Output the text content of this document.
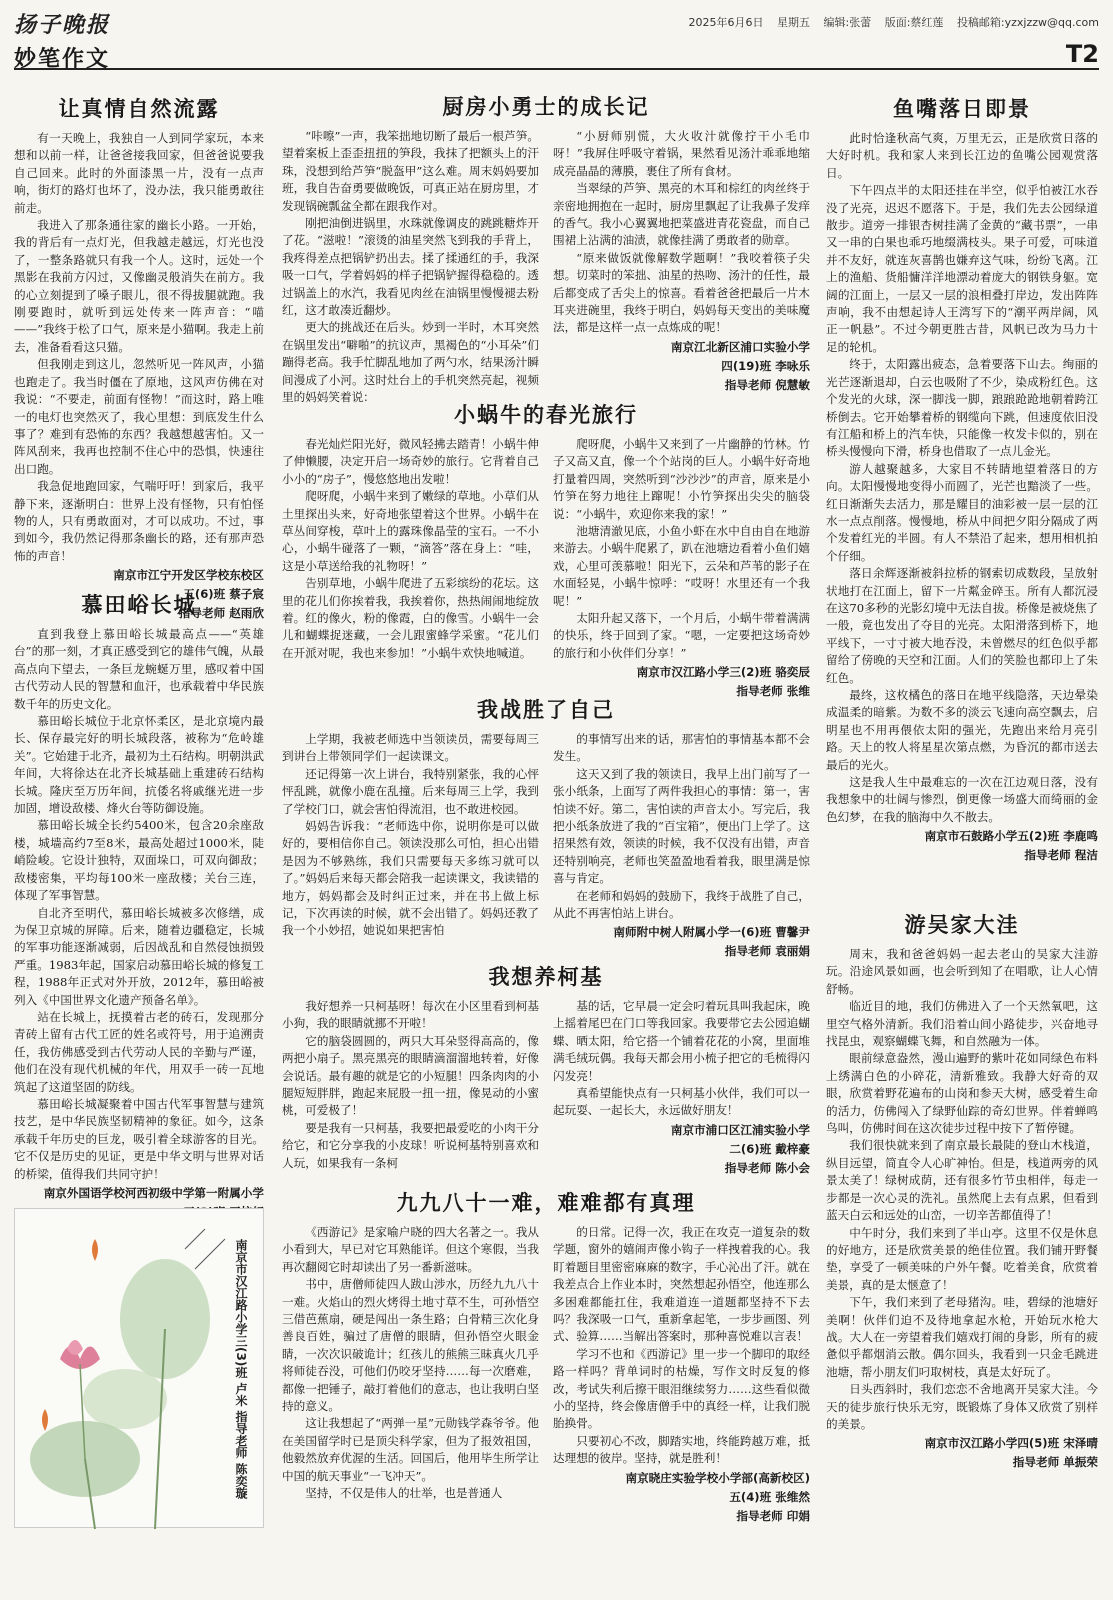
扬子晚报	2025年6月6日 星期五 编辑:张蕾 版面:蔡红莲 投稿邮箱:yzxjzzw@qq.com
妙笔作文	T2
让真情自然流露

有一天晚上，我独自一人到同学家玩，本来想和以前一样，让爸爸接我回家，但爸爸说要我自己回来。此时的外面漆黑一片，没有一点声响，街灯的路灯也坏了，没办法，我只能勇敢往前走。

我进入了那条通往家的幽长小路。一开始，我的背后有一点灯光，但我越走越远，灯光也没了，一整条路就只有我一个人。这时，远处一个黑影在我前方闪过，又像幽灵般消失在前方。我的心立刻提到了嗓子眼儿，很不得拔腿就跑。我刚要跑时，就听到远处传来一阵声音：“喵——”我终于松了口气，原来是小猫啊。我走上前去，准备看看这只猫。

但我刚走到这儿，忽然听见一阵风声，小猫也跑走了。我当时僵在了原地，这风声仿佛在对我说：“不要走，前面有怪物！”而这时，路上唯一的电灯也突然灭了，我心里想：到底发生什么事了？难到有恐怖的东西？我越想越害怕。又一阵风刮来，我再也控制不住心中的恐惧，快速往出口跑。

我急促地跑回家，气喘吁吁！到家后，我平静下来，逐渐明白：世界上没有怪物，只有怕怪物的人，只有勇敢面对，才可以成功。不过，事到如今，我仍然记得那条幽长的路，还有那声恐怖的声音！

南京市江宁开发区学校东校区
五(6)班 蔡子宸
指导老师 赵雨欣
慕田峪长城

直到我登上慕田峪长城最高点——“英雄台”的那一刻，才真正感受到它的雄伟气魄，从最高点向下望去，一条巨龙蜿蜒万里，感叹着中国古代劳动人民的智慧和血汗，也承载着中华民族数千年的历史文化。

慕田峪长城位于北京怀柔区，是北京境内最长、保存最完好的明长城段落，被称为“危岭雄关”。它始建于北齐，最初为土石结构。明朝洪武年间，大将徐达在北齐长城基础上重建砖石结构长城。隆庆至万历年间，抗倭名将戚继光进一步加固，增设敌楼、烽火台等防御设施。

慕田峪长城全长约5400米，包含20余座敌楼，城墙高约7至8米，最高处超过1000米，陡峭险峻。它设计独特，双面垛口，可双向御敌；敌楼密集，平均每100米一座敌楼；关台三连，体现了军事智慧。

自北齐至明代，慕田峪长城被多次修缮，成为保卫京城的屏障。后来，随着边疆稳定，长城的军事功能逐渐减弱，后因战乱和自然侵蚀损毁严重。1983年起，国家启动慕田峪长城的修复工程，1988年正式对外开放，2012年，慕田峪被列入《中国世界文化遗产预备名单》。

站在长城上，抚摸着古老的砖石，发现那分青砖上留有古代工匠的姓名或符号，用于追溯责任，我仿佛感受到古代劳动人民的辛勤与严谨，他们在没有现代机械的年代，用双手一砖一瓦地筑起了这道坚固的防线。

慕田峪长城凝聚着中国古代军事智慧与建筑技艺，是中华民族坚韧精神的象征。如今，这条承载千年历史的巨龙，吸引着全球游客的目光。它不仅是历史的见证，更是中华文明与世界对话的桥梁，值得我们共同守护！

南京外国语学校河西初级中学第一附属小学
南京市汉江路小学三(3)班 卢米 指导老师 陈奕璇
厨房小勇士的成长记

“咔嚓”一声，我笨拙地切断了最后一根芦笋。望着案板上歪歪扭扭的笋段，我抹了把额头上的汗珠，没想到给芦笋“脱盔甲”这么难。周末妈妈要加班，我自告奋勇要做晚饭，可真正站在厨房里，才发现锅碗瓢盆全都在跟我作对。

刚把油倒进锅里，水珠就像调皮的跳跳糖炸开了花。“滋啦！”滚烫的油星突然飞到我的手背上，我疼得差点把锅铲扔出去。揉了揉通红的手，我深吸一口气，学着妈妈的样子把锅铲握得稳稳的。透过锅盖上的水汽，我看见肉丝在油锅里慢慢褪去粉红，这才敢凑近翻炒。

更大的挑战还在后头。炒到一半时，木耳突然在锅里发出“噼啪”的抗议声，黑褐色的“小耳朵”们蹦得老高。我手忙脚乱地加了两勺水，结果汤汁瞬间漫成了小河。这时灶台上的手机突然亮起，视频里的妈妈笑着说：

“小厨师别慌，大火收汁就像拧干小毛巾呀！”我屏住呼吸守着锅，果然看见汤汁乖乖地缩成亮晶晶的薄膜，裹住了所有食材。

当翠绿的芦笋、黑亮的木耳和棕红的肉丝终于亲密地拥抱在一起时，厨房里飘起了让我鼻子发痒的香气。我小心翼翼地把菜盛进青花瓷盘，而自己围裙上沾满的油渍，就像挂满了勇敢者的勋章。

“原来做饭就像解数学题啊！”我咬着筷子尖想。切菜时的笨拙、油星的热吻、汤汁的任性，最后都变成了舌尖上的惊喜。看着爸爸把最后一片木耳夹进碗里，我终于明白，妈妈每天变出的美味魔法，都是这样一点一点炼成的呢！

南京江北新区浦口实验小学
四(19)班 李咏乐
指导老师 倪慧敏
小蜗牛的春光旅行

春光灿烂阳光好，微风轻拂去踏青！小蜗牛伸了伸懒腰，决定开启一场奇妙的旅行。它背着自己小小的“房子”，慢悠悠地出发啦！

爬呀爬，小蜗牛来到了嫩绿的草地。小草们从土里探出头来，好奇地张望着这个世界。小蜗牛在草丛间穿梭，草叶上的露珠像晶莹的宝石。一不小心，小蜗牛碰落了一颗，“滴答”落在身上：“哇，这是小草送给我的礼物呀！”

告别草地，小蜗牛爬进了五彩缤纷的花坛。这里的花儿们你挨着我，我挨着你，热热闹闹地绽放着。红的像火，粉的像霞，白的像雪。小蜗牛一会儿和蝴蝶捉迷藏，一会儿跟蜜蜂学采蜜。“花儿们在开派对呢，我也来参加！”小蜗牛欢快地喊道。

爬呀爬，小蜗牛又来到了一片幽静的竹林。竹子又高又直，像一个个站岗的巨人。小蜗牛好奇地打量着四周，突然听到“沙沙沙”的声音，原来是小竹笋在努力地往上蹿呢！小竹笋探出尖尖的脑袋说：“小蜗牛，欢迎你来我的家！”

池塘清澈见底，小鱼小虾在水中自由自在地游来游去。小蜗牛爬累了，趴在池塘边看着小鱼们嬉戏，心里可羡慕啦！阳光下，云朵和芦苇的影子在水面轻晃，小蜗牛惊呼：“哎呀！水里还有一个我呢！”

太阳升起又落下，一个月后，小蜗牛带着满满的快乐，终于回到了家。“嗯，一定要把这场奇妙的旅行和小伙伴们分享！”

南京市汉江路小学三(2)班 骆奕辰
指导老师 张维
我战胜了自己

上学期，我被老师选中当领读员，需要每周三到讲台上带领同学们一起读课文。

还记得第一次上讲台，我特别紧张，我的心怦怦乱跳，就像小鹿在乱撞。后来每周三上学，我到了学校门口，就会害怕得流泪，也不敢进校园。

妈妈告诉我：“老师选中你，说明你是可以做好的，要相信你自己。领读没那么可怕，担心出错是因为不够熟练，我们只需要每天多练习就可以了。”妈妈后来每天都会陪我一起读课文，我读错的地方，妈妈都会及时纠正过来，并在书上做上标记，下次再读的时候，就不会出错了。妈妈还教了我一个小妙招，她说如果把害怕

的事情写出来的话，那害怕的事情基本都不会发生。

这天又到了我的领读日，我早上出门前写了一张小纸条，上面写了两件我担心的事情：第一，害怕读不好。第二，害怕读的声音太小。写完后，我把小纸条放进了我的“百宝箱”，便出门上学了。这招果然有效，领读的时候，我不仅没有出错，声音还特别响亮，老师也笑盈盈地看着我，眼里满是惊喜与肯定。

在老师和妈妈的鼓励下，我终于战胜了自己，从此不再害怕站上讲台。

南师附中树人附属小学一(6)班 曹馨尹
指导老师 袁丽娟
我想养柯基

我好想养一只柯基呀！每次在小区里看到柯基小狗，我的眼睛就挪不开啦！

它的脑袋圆圆的，两只大耳朵竖得高高的，像两把小扇子。黑亮黑亮的眼睛滴溜溜地转着，好像会说话。最有趣的就是它的小短腿！四条肉肉的小腿短短胖胖，跑起来屁股一扭一扭，像晃动的小蜜桃，可爱极了！

要是我有一只柯基，我要把最爱吃的小肉干分给它，和它分享我的小皮球！听说柯基特别喜欢和人玩，如果我有一条柯

基的话，它早晨一定会叼着玩具叫我起床，晚上摇着尾巴在门口等我回家。我要带它去公园追蝴蝶、晒太阳，给它搭一个铺着花花的小窝，里面堆满毛绒玩偶。我每天都会用小梳子把它的毛梳得闪闪发亮！

真希望能快点有一只柯基小伙伴，我们可以一起玩耍、一起长大，永远做好朋友！

南京市浦口区江浦实验小学
二(6)班 戴梓豪
指导老师 陈小会
九九八十一难，难难都有真理

《西游记》是家喻户晓的四大名著之一。我从小看到大，早已对它耳熟能详。但这个寒假，当我再次翻阅它时却读出了另一番新滋味。

书中，唐僧师徒四人跋山涉水，历经九九八十一难。火焰山的烈火烤得土地寸草不生，可孙悟空三借芭蕉扇，硬是闯出一条生路；白骨精三次化身善良百姓，骗过了唐僧的眼睛，但孙悟空火眼金睛，一次次识破诡计；红孩儿的熊熊三昧真火几乎将师徒吞没，可他们仍咬牙坚持……每一次磨难，都像一把锤子，敲打着他们的意志，也让我明白坚持的意义。

这让我想起了“两弹一星”元勋钱学森爷爷。他在美国留学时已是顶尖科学家，但为了报效祖国，他毅然放弃优渥的生活。回国后，他用毕生所学让中国的航天事业“一飞冲天”。

坚持，不仅是伟人的壮举，也是普通人

的日常。记得一次，我正在攻克一道复杂的数学题，窗外的嬉闹声像小钩子一样拽着我的心。我盯着题目里密密麻麻的数字，手心沁出了汗。就在我差点合上作业本时，突然想起孙悟空，他连那么多困难都能扛住，我难道连一道题都坚持不下去吗？我深吸一口气，重新拿起笔，一步步画图、列式、验算……当解出答案时，那种喜悦难以言表！

学习不也和《西游记》里一步一个脚印的取经路一样吗？背单词时的枯燥，写作文时反复的修改，考试失利后擦干眼泪继续努力……这些看似微小的坚持，终会像唐僧手中的真经一样，让我们脱胎换骨。

只要初心不改，脚踏实地，终能跨越万难，抵达理想的彼岸。坚持，就是胜利！

南京晓庄实验学校小学部(高新校区)
五(4)班 张维然
指导老师 印娟
鱼嘴落日即景

此时恰逢秋高气爽，万里无云，正是欣赏日落的大好时机。我和家人来到长江边的鱼嘴公园观赏落日。

下午四点半的太阳还挂在半空，似乎怕被江水吞没了光亮，迟迟不愿落下。于是，我们先去公园绿道散步。道旁一排银杏树挂满了金黄的“藏书票”，一串又一串的白果也乖巧地缀满枝头。果子可爱，可味道并不友好，就连灰喜鹊也嫌弃这气味，纷纷飞离。江上的渔船、货船慵洋洋地漂动着庞大的钢铁身躯。宽阔的江面上，一层又一层的浪相叠打岸边，发出阵阵声响，我不由想起诗人王湾写下的“潮平两岸阔，风正一帆悬”。不过今朝更胜古昔，风帆已改为马力十足的轮机。

终于，太阳露出疲态，急着要落下山去。绚丽的光芒逐渐退却，白云也吸附了不少，染成粉红色。这个发光的火球，深一脚浅一脚，踉踉跄跄地朝着跨江桥倒去。它开始攀着桥的钢缆向下跳，但速度依旧没有江船和桥上的汽车快，只能像一枚发卡似的，别在桥头慢慢向下滑，桥身也借取了一点儿金光。

游人越聚越多，大家目不转睛地望着落日的方向。太阳慢慢地变得小而圆了，光芒也黯淡了一些。红日渐渐失去活力，那是耀目的油彩被一层一层的江水一点点削落。慢慢地，桥从中间把夕阳分隔成了两个发着红光的半圆。有人不禁沿了起来，想用相机拍个仔细。

落日余辉逐渐被斜拉桥的钢索切成数段，呈放射状地打在江面上，留下一片粼金碎玉。所有人都沉浸在这70多秒的光影幻境中无法自拔。桥像是被烧焦了一般，竟也发出了夺目的光亮。太阳滑落到桥下，地平线下，一寸寸被大地吞没，未曾燃尽的红色似乎都留给了傍晚的天空和江面。人们的笑脸也都印上了朱红色。

最终，这枚橘色的落日在地平线隐落，天边晕染成温柔的暗紫。为数不多的淡云飞速向高空飘去，启明星也不用再偎依太阳的强光，先跑出来给月亮引路。天上的牧人将星星次第点燃，为昏沉的都市送去最后的光火。

这是我人生中最难忘的一次在江边观日落，没有我想象中的壮阔与惨烈，倒更像一场盛大而绮丽的金色幻梦，在我的脑海中久不散去。

南京市石鼓路小学五(2)班 李鹿鸣
指导老师 程洁
游吴家大洼

周末，我和爸爸妈妈一起去老山的吴家大洼游玩。沿途风景如画，也会听到知了在唱歌，让人心情舒畅。

临近目的地，我们仿佛进入了一个天然氧吧，这里空气格外清新。我们沿着山间小路徒步，兴奋地寻找昆虫，观察蝴蝶飞舞，和自然融为一体。

眼前绿意盎然，漫山遍野的紫叶花如同绿色布料上绣满白色的小碎花，清新雅致。我静大好奇的双眼，欣赏着野花遍布的山岗和参天大树，感受着生命的活力，仿佛闯入了绿野仙踪的奇幻世界。伴着蝉鸣鸟叫，仿佛时间在这次徒步过程中按下了暂停键。

我们很快就来到了南京最长最陡的登山木栈道，纵目远望，简直令人心旷神怡。但是，栈道两旁的风景太美了！绿树成荫，还有很多竹节虫相伴，每走一步都是一次心灵的洗礼。虽然爬上去有点累，但看到蓝天白云和远处的山峦，一切辛苦都值得了！

中午时分，我们来到了半山亭。这里不仅是休息的好地方，还是欣赏美景的绝佳位置。我们铺开野餐垫，享受了一顿美味的户外午餐。吃着美食，欣赏着美景，真的是太惬意了！

下午，我们来到了老母猪沟。哇，碧绿的池塘好美啊！伙伴们迫不及待地拿起水枪，开始玩水枪大战。大人在一旁望着我们嬉戏打闹的身影，所有的疲惫似乎都烟消云散。偶尔回头，我看到一只金毛跳进池塘，帮小朋友们叼取树枝，真是太好玩了。

日头西斜时，我们恋恋不舍地离开吴家大洼。今天的徒步旅行快乐无穷，既锻炼了身体又欣赏了别样的美景。

南京市汉江路小学四(5)班 宋泽晴
指导老师 单振荣
